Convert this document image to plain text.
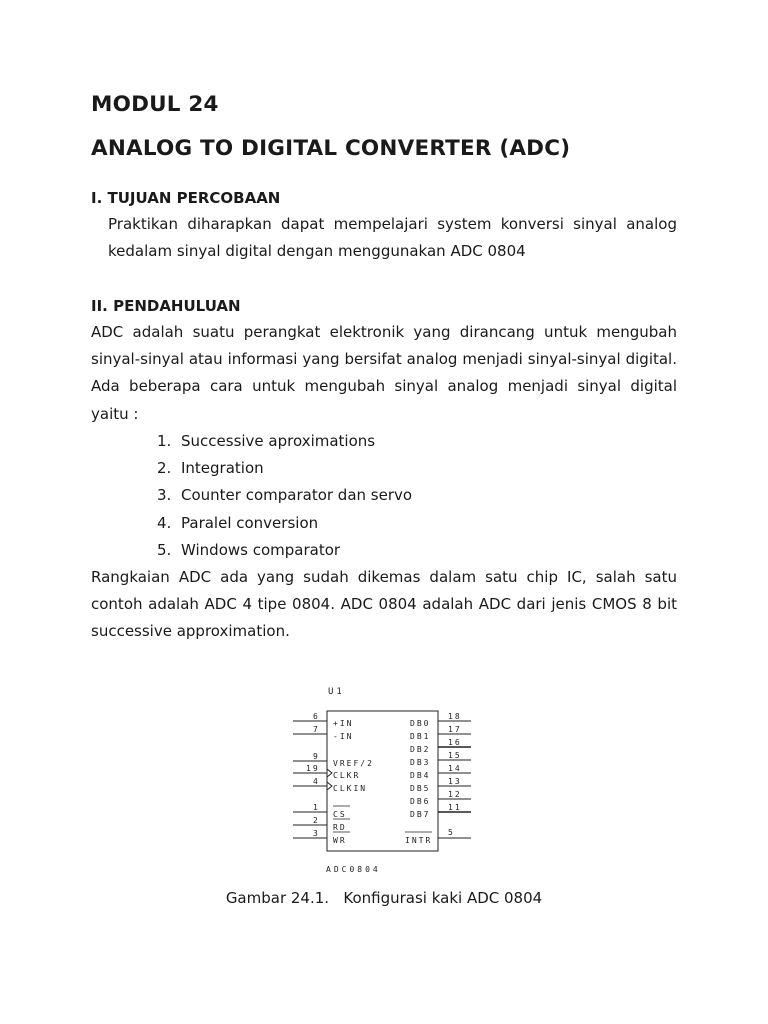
MODUL 24
ANALOG TO DIGITAL CONVERTER (ADC)
I. TUJUAN PERCOBAAN
Praktikan diharapkan dapat mempelajari system konversi sinyal analog
kedalam sinyal digital dengan menggunakan ADC 0804
II. PENDAHULUAN
ADC adalah suatu perangkat elektronik yang dirancang untuk mengubah
sinyal-sinyal atau informasi yang bersifat analog menjadi sinyal-sinyal digital.
Ada beberapa cara untuk mengubah sinyal analog menjadi sinyal digital
yaitu :
1. Successive aproximations
2. Integration
3. Counter comparator dan servo
4. Paralel conversion
5. Windows comparator
Rangkaian ADC ada yang sudah dikemas dalam satu chip IC, salah satu
contoh adalah ADC 4 tipe 0804. ADC 0804 adalah ADC dari jenis CMOS 8 bit
successive approximation.
U1
6
+IN
7
-IN
9
VREF/2
19
CLKR
4
CLKIN
1
CS
2
RD
3
WR
18
DB0
17
DB1
16
DB2
15
DB3
14
DB4
13
DB5
12
DB6
11
DB7
5
INTR
ADC0804
Gambar 24.1.   Konfigurasi kaki ADC 0804
